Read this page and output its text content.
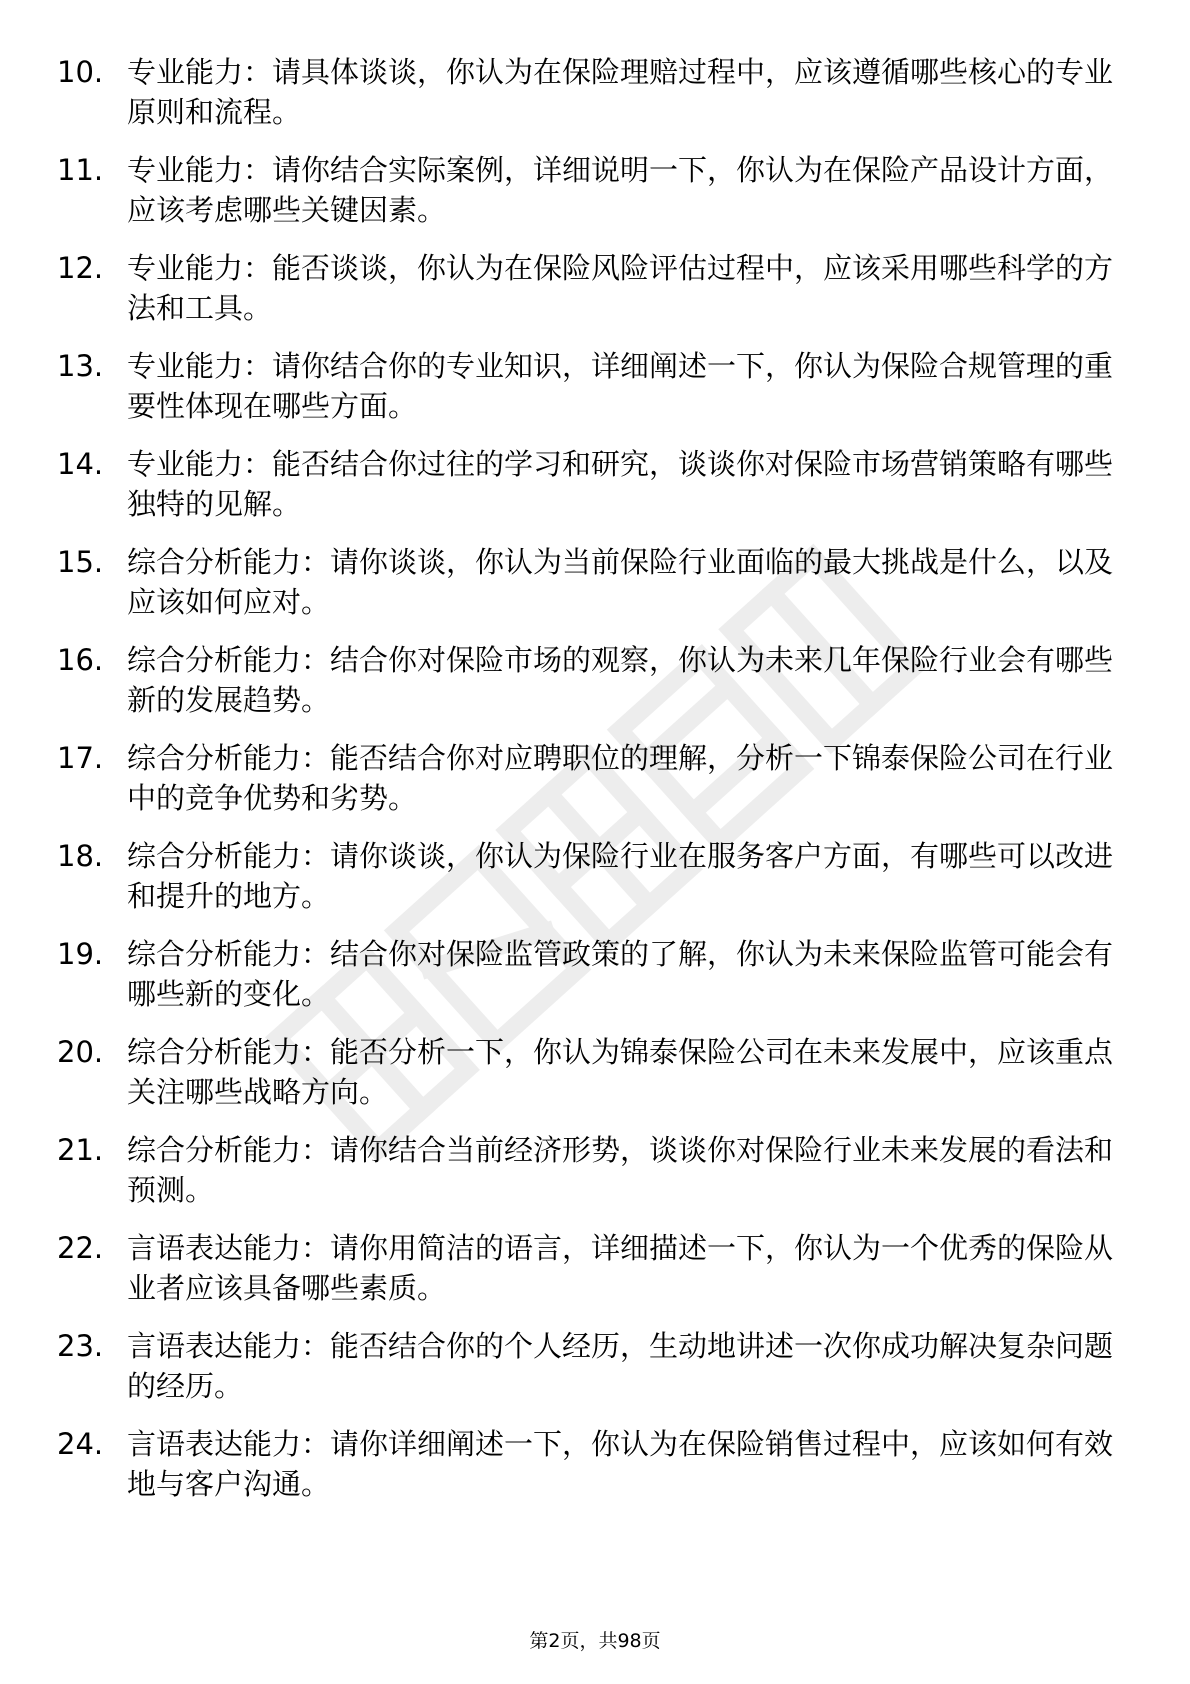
10. 专业能力：请具体谈谈，你认为在保险理赔过程中，应该遵循哪些核心的专业原则和流程。
11. 专业能力：请你结合实际案例，详细说明一下，你认为在保险产品设计方面，应该考虑哪些关键因素。
12. 专业能力：能否谈谈，你认为在保险风险评估过程中，应该采用哪些科学的方法和工具。
13. 专业能力：请你结合你的专业知识，详细阐述一下，你认为保险合规管理的重要性体现在哪些方面。
14. 专业能力：能否结合你过往的学习和研究，谈谈你对保险市场营销策略有哪些独特的见解。
15. 综合分析能力：请你谈谈，你认为当前保险行业面临的最大挑战是什么，以及应该如何应对。
16. 综合分析能力：结合你对保险市场的观察，你认为未来几年保险行业会有哪些新的发展趋势。
17. 综合分析能力：能否结合你对应聘职位的理解，分析一下锦泰保险公司在行业中的竞争优势和劣势。
18. 综合分析能力：请你谈谈，你认为保险行业在服务客户方面，有哪些可以改进和提升的地方。
19. 综合分析能力：结合你对保险监管政策的了解，你认为未来保险监管可能会有哪些新的变化。
20. 综合分析能力：能否分析一下，你认为锦泰保险公司在未来发展中，应该重点关注哪些战略方向。
21. 综合分析能力：请你结合当前经济形势，谈谈你对保险行业未来发展的看法和预测。
22. 言语表达能力：请你用简洁的语言，详细描述一下，你认为一个优秀的保险从业者应该具备哪些素质。
23. 言语表达能力：能否结合你的个人经历，生动地讲述一次你成功解决复杂问题的经历。
24. 言语表达能力：请你详细阐述一下，你认为在保险销售过程中，应该如何有效地与客户沟通。
第2页，共98页
